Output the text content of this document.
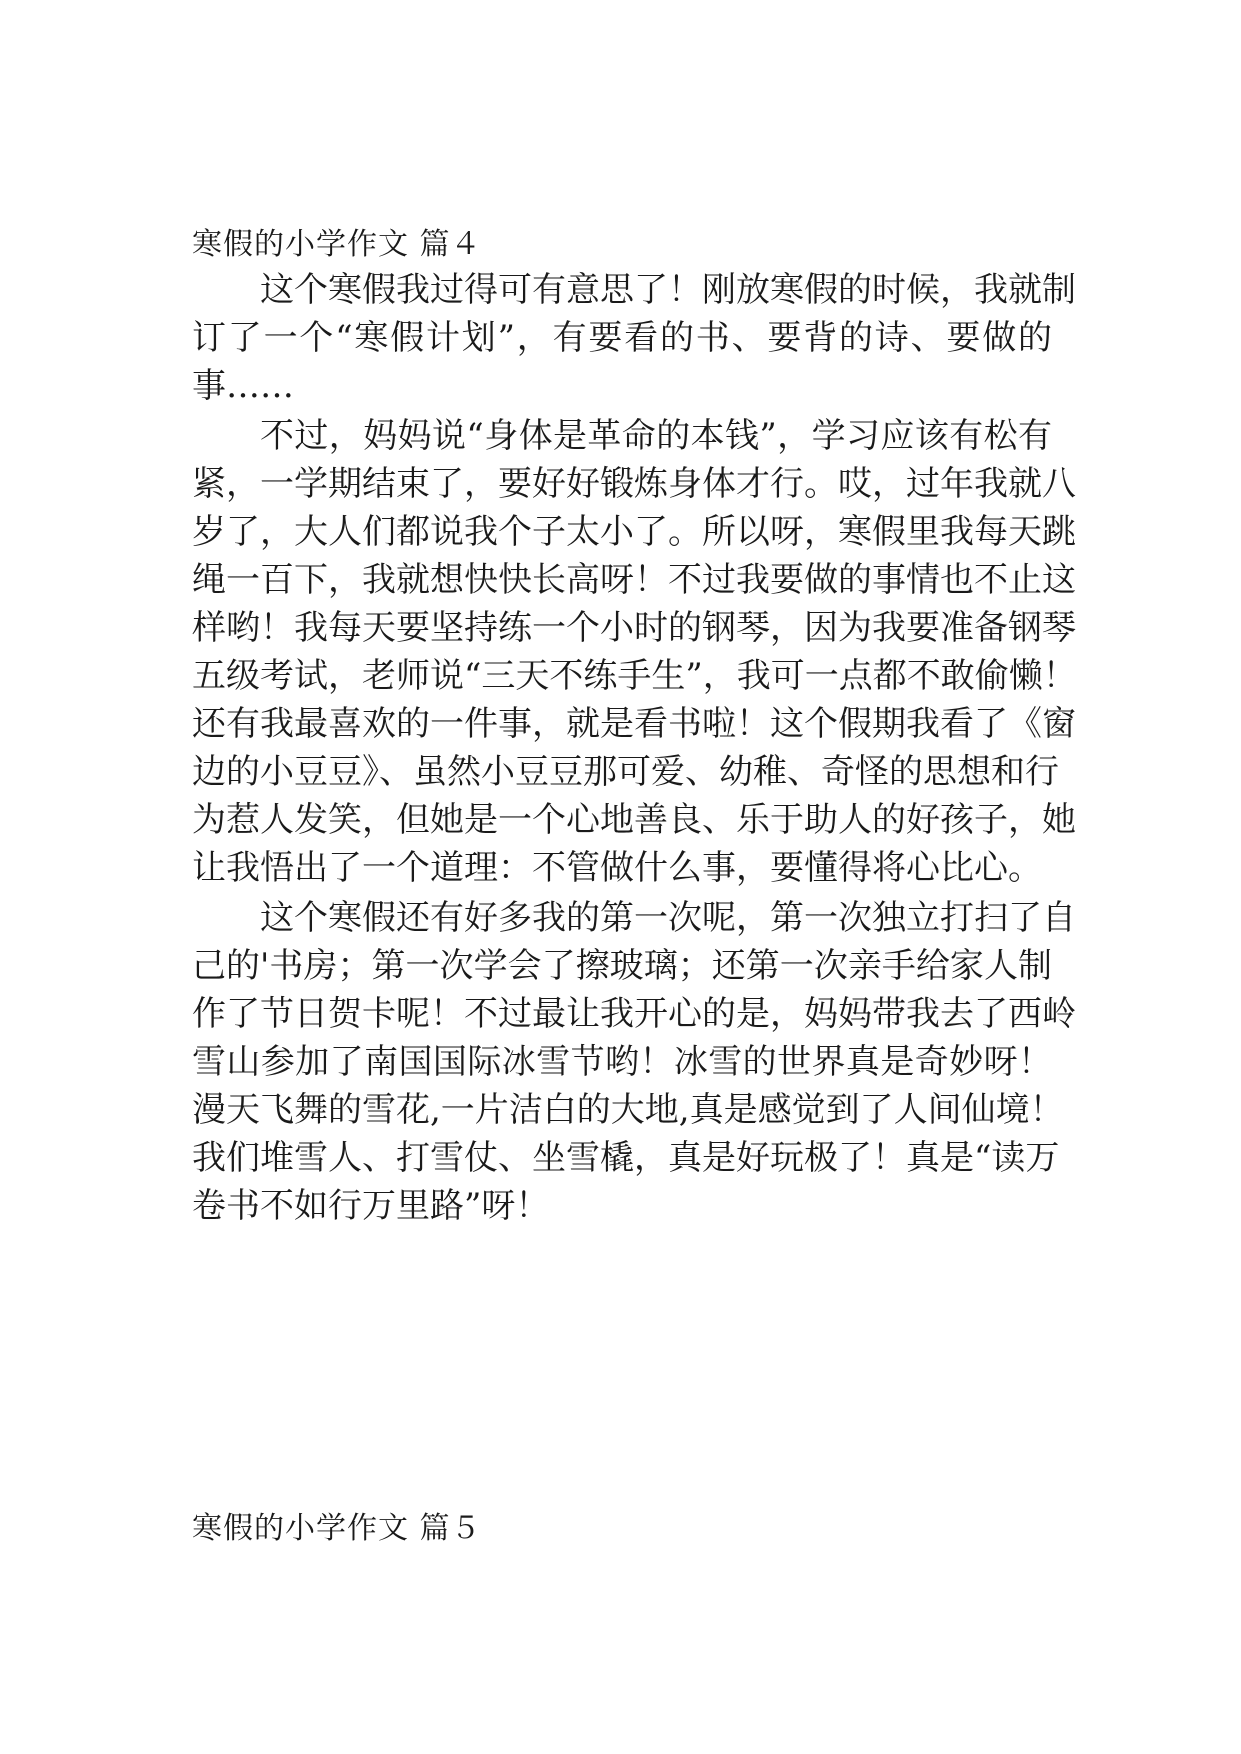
寒假的小学作文 篇４
这个寒假我过得可有意思了！刚放寒假的时候，我就制
订了一个“寒假计划”，有要看的书、要背的诗、要做的
事……
不过，妈妈说“身体是革命的本钱”，学习应该有松有
紧，一学期结束了，要好好锻炼身体才行。哎，过年我就八
岁了，大人们都说我个子太小了。所以呀，寒假里我每天跳
绳一百下，我就想快快长高呀！不过我要做的事情也不止这
样哟！我每天要坚持练一个小时的钢琴，因为我要准备钢琴
五级考试，老师说“三天不练手生”，我可一点都不敢偷懒！
还有我最喜欢的一件事，就是看书啦！这个假期我看了《窗
边的小豆豆》、虽然小豆豆那可爱、幼稚、奇怪的思想和行
为惹人发笑，但她是一个心地善良、乐于助人的好孩子，她
让我悟出了一个道理：不管做什么事，要懂得将心比心。
这个寒假还有好多我的第一次呢，第一次独立打扫了自
己的'书房；第一次学会了擦玻璃；还第一次亲手给家人制
作了节日贺卡呢！不过最让我开心的是，妈妈带我去了西岭
雪山参加了南国国际冰雪节哟！冰雪的世界真是奇妙呀！
漫天飞舞的雪花,一片洁白的大地,真是感觉到了人间仙境！
我们堆雪人、打雪仗、坐雪橇，真是好玩极了！真是“读万
卷书不如行万里路”呀！
寒假的小学作文 篇５
